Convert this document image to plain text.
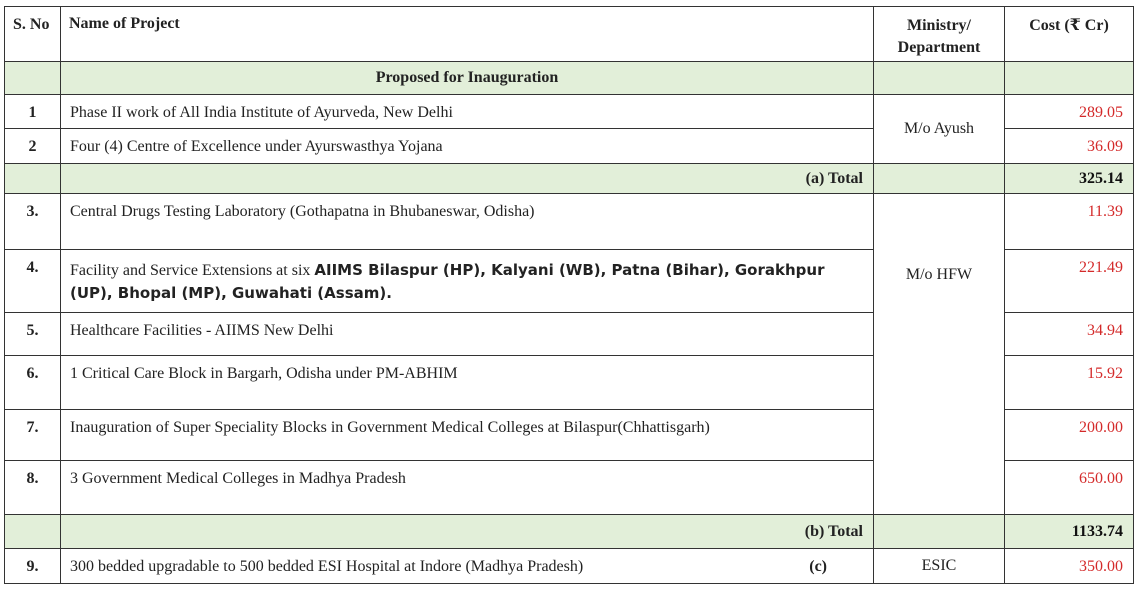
S. No	Name of Project	Ministry/ Department	Cost (₹ Cr)
	Proposed for Inauguration		
1	Phase II work of All India Institute of Ayurveda, New Delhi	M/o Ayush	289.05
2	Four (4) Centre of Excellence under Ayurswasthya Yojana		36.09
	(a) Total		325.14
3.	Central Drugs Testing Laboratory (Gothapatna in Bhubaneswar, Odisha)	M/o HFW	11.39
4.	Facility and Service Extensions at six AIIMS Bilaspur (HP), Kalyani (WB), Patna (Bihar), Gorakhpur (UP), Bhopal (MP), Guwahati (Assam).		221.49
5.	Healthcare Facilities - AIIMS New Delhi		34.94
6.	1 Critical Care Block in Bargarh, Odisha under PM-ABHIM		15.92
7.	Inauguration of Super Speciality Blocks in Government Medical Colleges at Bilaspur(Chhattisgarh)		200.00
8.	3 Government Medical Colleges in Madhya Pradesh		650.00
	(b) Total		1133.74
9.	300 bedded upgradable to 500 bedded ESI Hospital at Indore (Madhya Pradesh) (c)	ESIC	350.00
